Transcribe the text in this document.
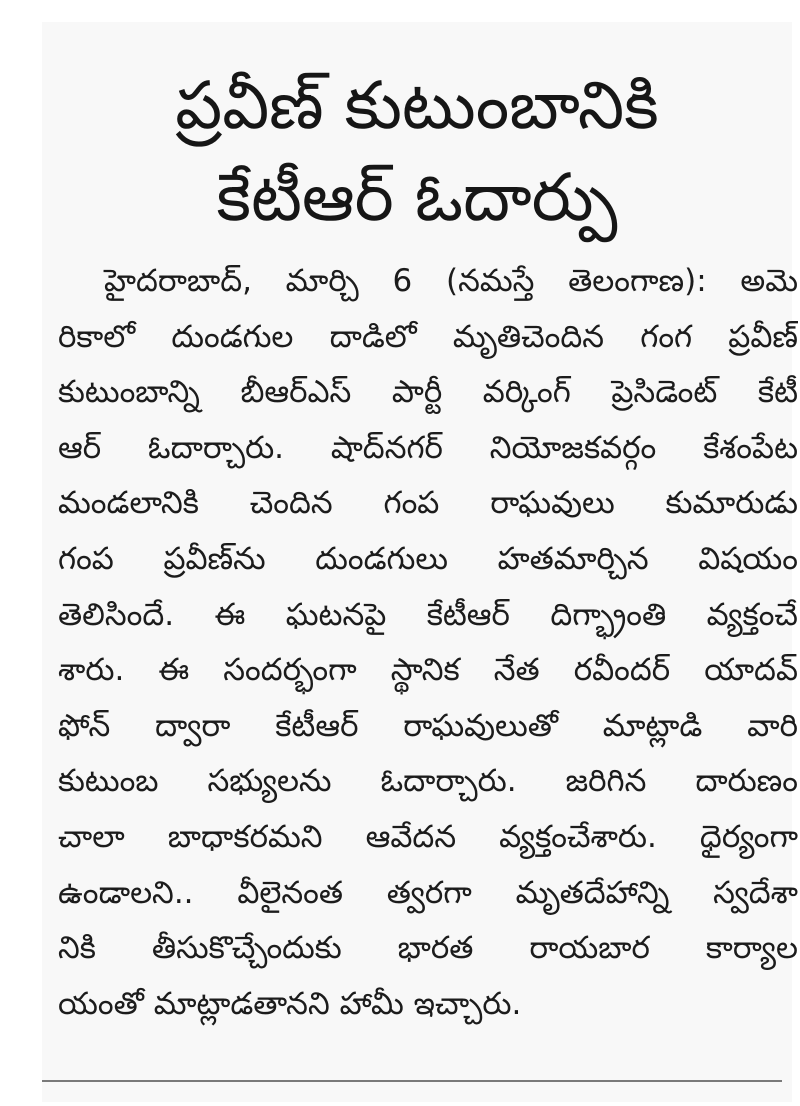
ప్రవీణ్ కుటుంబానికి
కేటీఆర్ ఓదార్పు
హైదరాబాద్, మార్చి 6 (నమస్తే తెలంగాణ): అమె
రికాలో దుండగుల దాడిలో మృతిచెందిన గంగ ప్రవీణ్
కుటుంబాన్ని బీఆర్ఎస్ పార్టీ వర్కింగ్ ప్రెసిడెంట్ కేటీ
ఆర్ ఓదార్చారు. షాద్‌నగర్ నియోజకవర్గం కేశంపేట
మండలానికి చెందిన గంప రాఘవులు కుమారుడు
గంప ప్రవీణ్‌ను దుండగులు హతమార్చిన విషయం
తెలిసిందే. ఈ ఘటనపై కేటీఆర్ దిగ్భ్రాంతి వ్యక్తంచే
శారు. ఈ సందర్భంగా స్థానిక నేత రవీందర్ యాదవ్
ఫోన్ ద్వారా కేటీఆర్ రాఘవులుతో మాట్లాడి వారి
కుటుంబ సభ్యులను ఓదార్చారు. జరిగిన దారుణం
చాలా బాధాకరమని ఆవేదన వ్యక్తంచేశారు. ధైర్యంగా
ఉండాలని.. వీలైనంత త్వరగా మృతదేహాన్ని స్వదేశా
నికి తీసుకొచ్చేందుకు భారత రాయబార కార్యాల
యంతో మాట్లాడతానని హామీ ఇచ్చారు.
